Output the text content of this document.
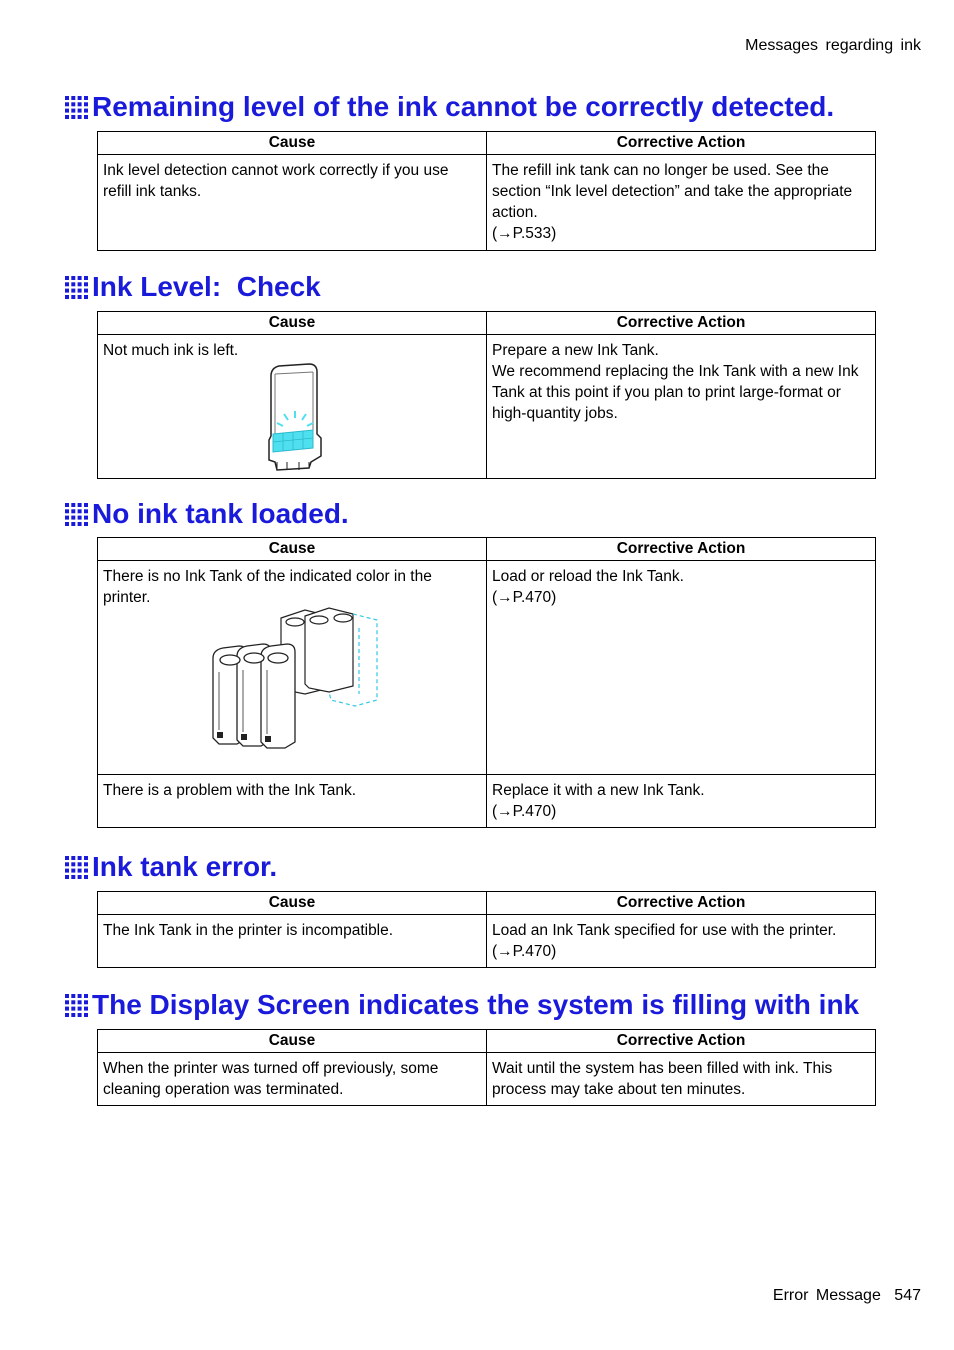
Messages regarding ink
Remaining level of the ink cannot be correctly detected.
Cause	Corrective Action
Ink level detection cannot work correctly if you use refill ink tanks.	The refill ink tank can no longer be used. See the section “Ink level detection” and take the appropriate action.
(→P.533)
Ink Level:  Check
Cause	Corrective Action

Not much ink is left.	Prepare a new Ink Tank.
We recommend replacing the Ink Tank with a new Ink Tank at this point if you plan to print large-format or high-quantity jobs.
No ink tank loaded.
Cause	Corrective Action

There is no Ink Tank of the indicated color in the printer.	Load or reload the Ink Tank.
(→P.470)

There is a problem with the Ink Tank.	Replace it with a new Ink Tank.
(→P.470)
Ink tank error.
Cause	Corrective Action
The Ink Tank in the printer is incompatible.	Load an Ink Tank specified for use with the printer.
(→P.470)
The Display Screen indicates the system is filling with ink
Cause	Corrective Action
When the printer was turned off previously, some cleaning operation was terminated.	Wait until the system has been filled with ink. This process may take about ten minutes.
Error Message 547
